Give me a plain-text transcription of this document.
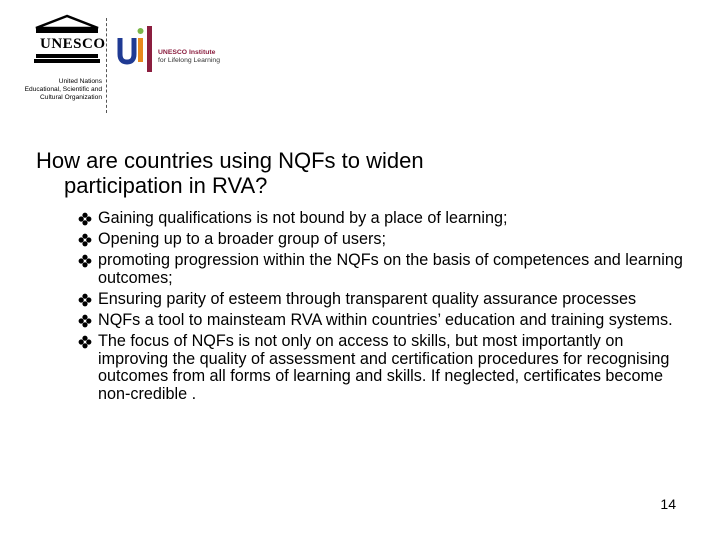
UNESCO
United Nations
Educational, Scientific and
Cultural Organization
UNESCO Institute
for Lifelong Learning
How are countries using NQFs to widen
participation in RVA?
Gaining qualifications is not bound by a place of learning;
Opening up to a broader group of users;
promoting progression within the NQFs on the basis of competences and learning outcomes;
Ensuring parity of esteem through transparent quality assurance processes
NQFs a tool to mainsteam RVA within countries’ education and training systems.
The focus of NQFs is not only on access to skills, but most importantly on improving the quality of assessment and certification procedures for recognising outcomes from all forms of learning and skills. If neglected, certificates become non-credible .
14
